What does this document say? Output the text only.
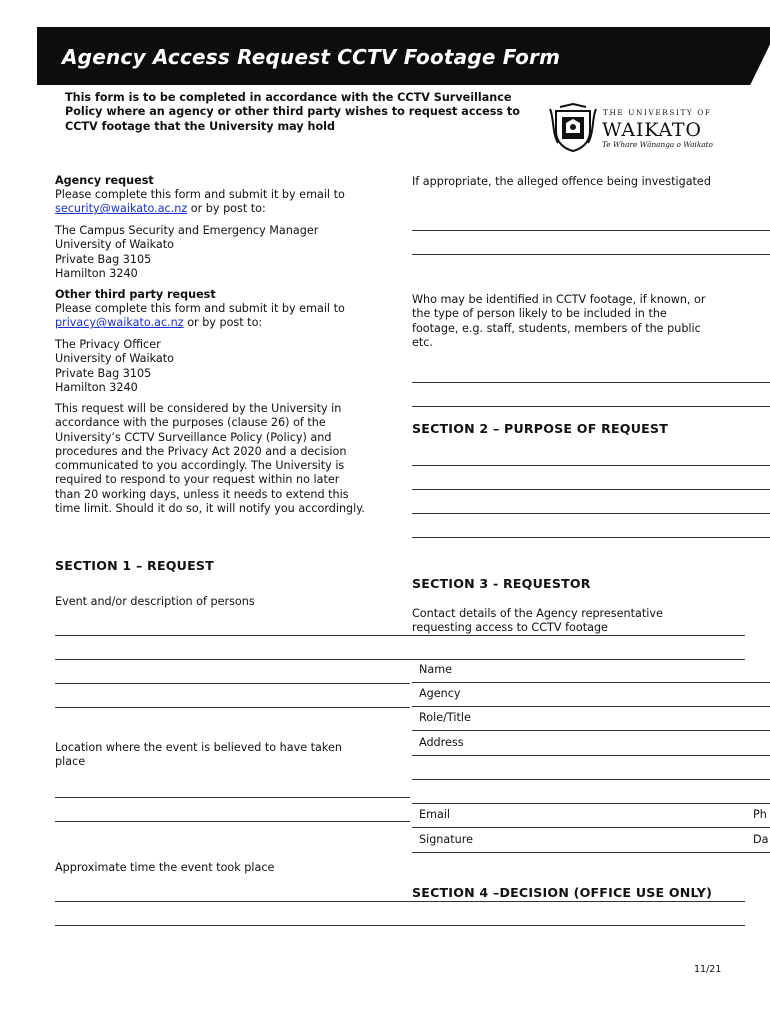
Agency Access Request CCTV Footage Form
This form is to be completed in accordance with the CCTV Surveillance Policy where an agency or other third party wishes to request access to CCTV footage that the University may hold
THE UNIVERSITY OF
WAIKATO
Te Whare Wānanga o Waikato
Agency request
Please complete this form and submit it by email to security@waikato.ac.nz or by post to:
The Campus Security and Emergency Manager
University of Waikato
Private Bag 3105
Hamilton 3240
Other third party request
Please complete this form and submit it by email to privacy@waikato.ac.nz or by post to:
The Privacy Officer
University of Waikato
Private Bag 3105
Hamilton 3240
This request will be considered by the University in accordance with the purposes (clause 26) of the University’s CCTV Surveillance Policy (Policy) and procedures and the Privacy Act 2020 and a decision communicated to you accordingly. The University is required to respond to your request within no later than 20 working days, unless it needs to extend this time limit. Should it do so, it will notify you accordingly.
SECTION 1 – REQUEST
Event and/or description of persons
Location where the event is believed to have taken place
Approximate time the event took place
If appropriate, the alleged offence being investigated
Who may be identified in CCTV footage, if known, or the type of person likely to be included in the footage, e.g. staff, students, members of the public etc.
SECTION 2 – PURPOSE OF REQUEST
SECTION 3 - REQUESTOR
Contact details of the Agency representative requesting access to CCTV footage
Name
Agency
Role/Title
Address
Email	Ph
Signature	Da
SECTION 4 –DECISION (OFFICE USE ONLY)
11/21
